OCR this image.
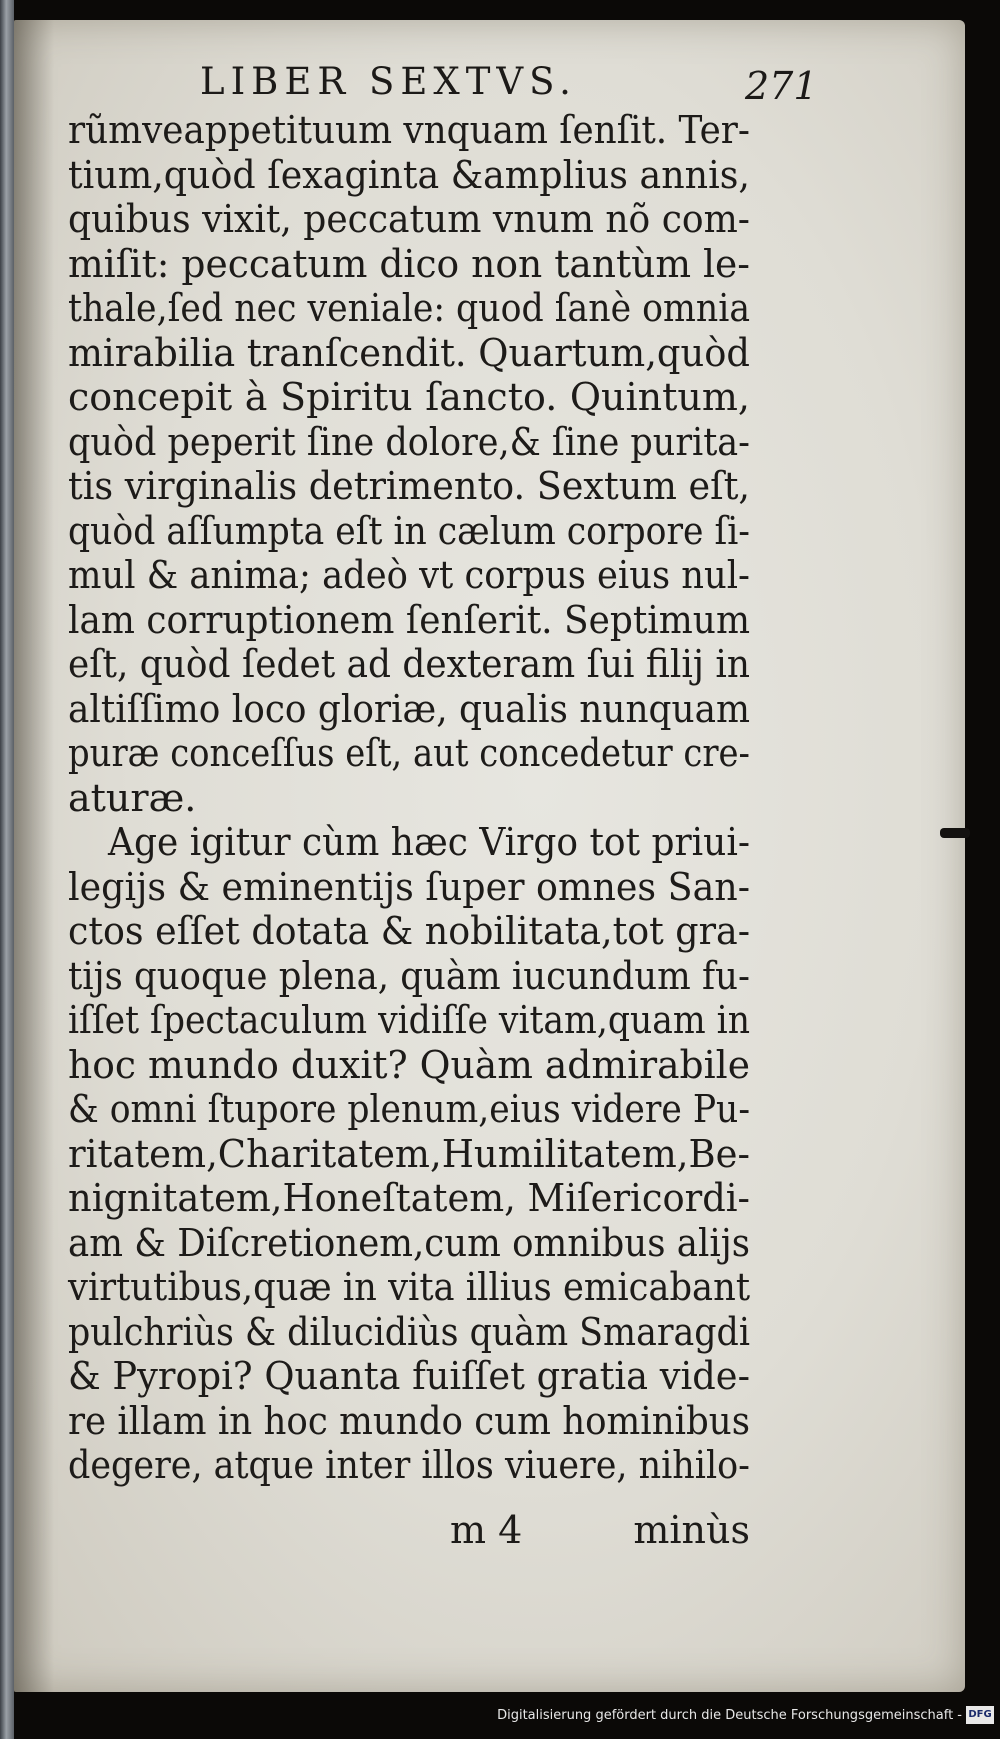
LIBER SEXTVS.	271
rũmveappetituum vnquam ſenſit. Ter-
tium,quòd ſexaginta &amplius annis,
quibus vixit, peccatum vnum nõ com-
miſit: peccatum dico non tantùm le-
thale,ſed nec veniale: quod ſanè omnia
mirabilia tranſcendit. Quartum,quòd
concepit à Spiritu ſancto. Quintum,
quòd peperit ſine dolore,& ſine purita-
tis virginalis detrimento. Sextum eſt,
quòd aſſumpta eſt in cælum corpore ſi-
mul & anima; adeò vt corpus eius nul-
lam corruptionem ſenſerit. Septimum
eſt, quòd ſedet ad dexteram ſui filij in
altiſſimo loco gloriæ, qualis nunquam
puræ conceſſus eſt, aut concedetur cre-
aturæ.
Age igitur cùm hæc Virgo tot priui-
legijs & eminentijs ſuper omnes San-
ctos eſſet dotata & nobilitata,tot gra-
tijs quoque plena, quàm iucundum fu-
iſſet ſpectaculum vidiſſe vitam,quam in
hoc mundo duxit? Quàm admirabile
& omni ſtupore plenum,eius videre Pu-
ritatem,Charitatem,Humilitatem,Be-
nignitatem,Honeſtatem, Miſericordi-
am & Diſcretionem,cum omnibus alijs
virtutibus,quæ in vita illius emicabant
pulchriùs & dilucidiùs quàm Smaragdi
& Pyropi? Quanta fuiſſet gratia vide-
re illam in hoc mundo cum hominibus
degere, atque inter illos viuere, nihilo-
m 4	minùs
Digitalisierung gefördert durch die Deutsche Forschungsgemeinschaft - DFG
